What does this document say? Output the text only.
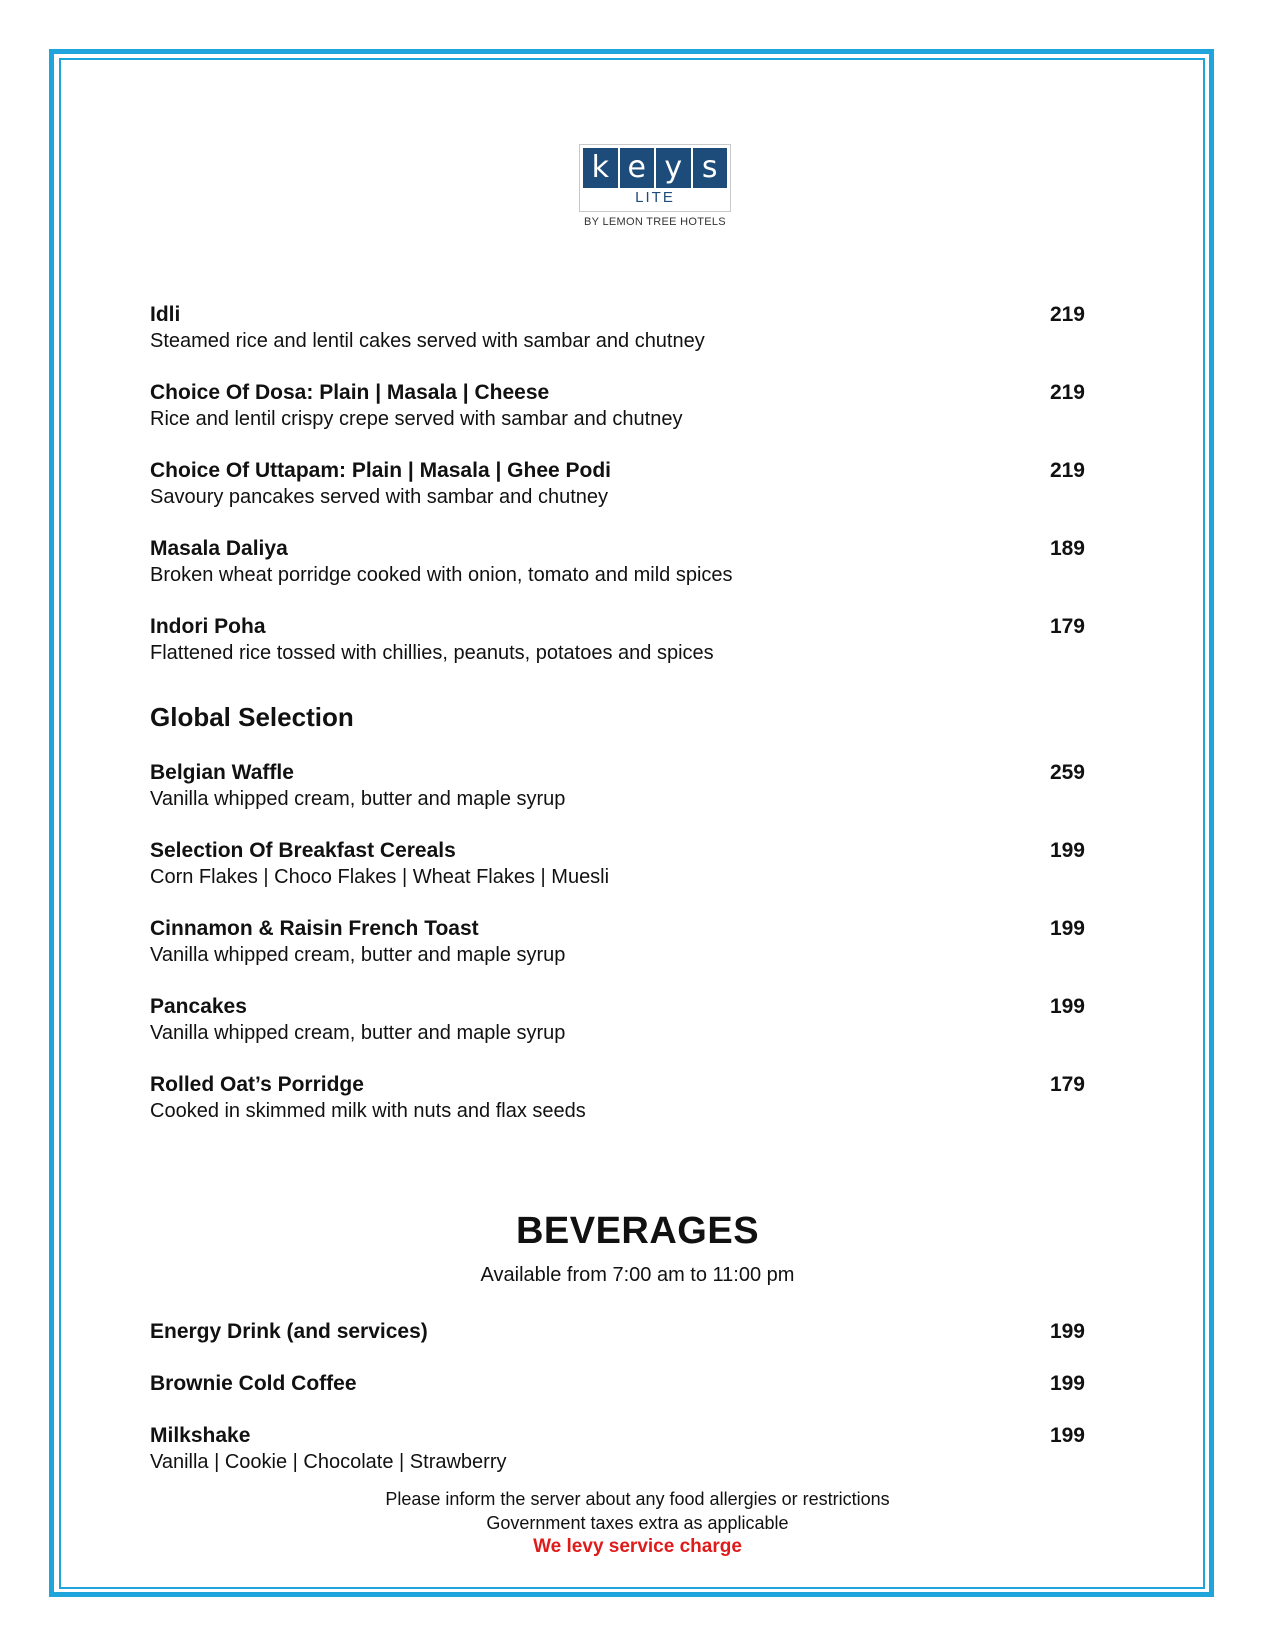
k e y s
LITE
BY LEMON TREE HOTELS
Idli	219
Steamed rice and lentil cakes served with sambar and chutney
Choice Of Dosa: Plain | Masala | Cheese	219
Rice and lentil crispy crepe served with sambar and chutney
Choice Of Uttapam: Plain | Masala | Ghee Podi	219
Savoury pancakes served with sambar and chutney
Masala Daliya	189
Broken wheat porridge cooked with onion, tomato and mild spices
Indori Poha	179
Flattened rice tossed with chillies, peanuts, potatoes and spices
Global Selection
Belgian Waffle	259
Vanilla whipped cream, butter and maple syrup
Selection Of Breakfast Cereals	199
Corn Flakes | Choco Flakes | Wheat Flakes | Muesli
Cinnamon & Raisin French Toast	199
Vanilla whipped cream, butter and maple syrup
Pancakes	199
Vanilla whipped cream, butter and maple syrup
Rolled Oat’s Porridge	179
Cooked in skimmed milk with nuts and flax seeds
BEVERAGES
Available from 7:00 am to 11:00 pm
Energy Drink (and services)	199
Brownie Cold Coffee	199
Milkshake	199
Vanilla | Cookie | Chocolate | Strawberry
Please inform the server about any food allergies or restrictions
Government taxes extra as applicable
We levy service charge
